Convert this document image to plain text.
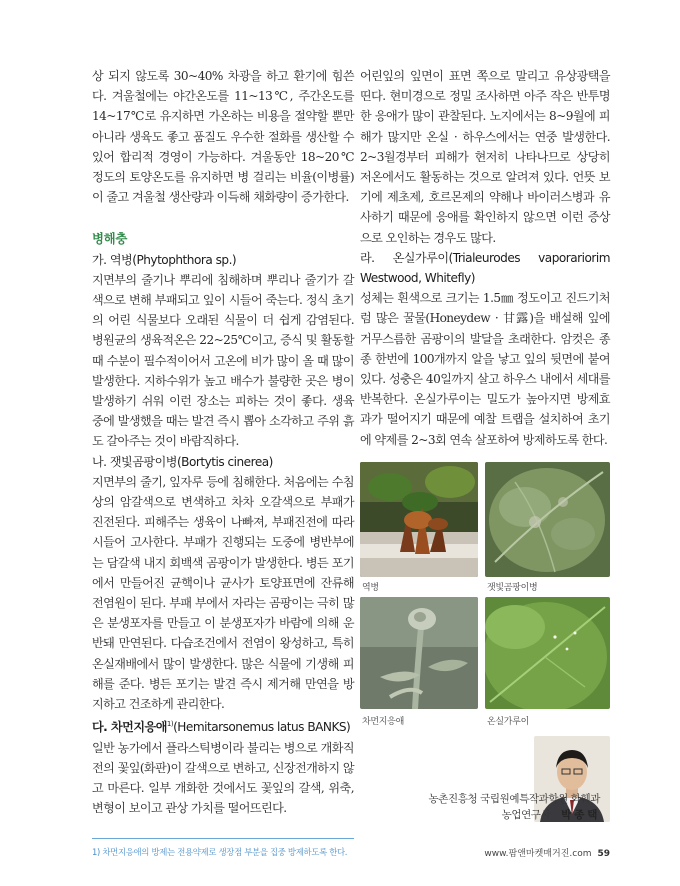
상 되지 않도록 30~40% 차광을 하고 환기에 힘쓴다. 겨울철에는 야간온도를 11~13℃, 주간온도를 14~17℃로 유지하면 가온하는 비용을 절약할 뿐만 아니라 생육도 좋고 품질도 우수한 절화를 생산할 수 있어 합리적 경영이 가능하다. 겨울동안 18~20℃ 정도의 토양온도를 유지하면 병 걸리는 비율(이병률)이 줄고 겨울철 생산량과 이득해 채화량이 증가한다.

병해충

가. 역병(Phytophthora sp.)

지면부의 줄기나 뿌리에 침해하며 뿌리나 줄기가 갈색으로 변해 부패되고 잎이 시들어 죽는다. 정식 초기의 어린 식물보다 오래된 식물이 더 쉽게 감염된다. 병원균의 생육적온은 22~25℃이고, 증식 및 활동할 때 수분이 필수적이어서 고온에 비가 많이 올 때 많이 발생한다. 지하수위가 높고 배수가 불량한 곳은 병이 발생하기 쉬워 이런 장소는 피하는 것이 좋다. 생육 중에 발생했을 때는 발견 즉시 뽑아 소각하고 주위 흙도 갈아주는 것이 바람직하다.

나. 잿빛곰팡이병(Bortytis cinerea)

지면부의 줄기, 잎자루 등에 침해한다. 처음에는 수침상의 암갈색으로 변색하고 차차 오갈색으로 부패가 진전된다. 피해주는 생육이 나빠져, 부패진전에 따라 시들어 고사한다. 부패가 진행되는 도중에 병반부에는 담갈색 내지 회백색 곰팡이가 발생한다. 병든 포기에서 만들어진 균핵이나 균사가 토양표면에 잔류해 전염원이 된다. 부패 부에서 자라는 곰팡이는 극히 많은 분생포자를 만들고 이 분생포자가 바람에 의해 운반돼 만연된다. 다습조건에서 전염이 왕성하고, 특히 온실재배에서 많이 발생한다. 많은 식물에 기생해 피해를 준다. 병든 포기는 발견 즉시 제거해 만연을 방지하고 건조하게 관리한다.

다. 차먼지응애$^{1)}$(Hemitarsonemus latus BANKS)

일반 농가에서 플라스틱병이라 불리는 병으로 개화직전의 꽃잎(화판)이 갈색으로 변하고, 신장전개하지 않고 마른다. 일부 개화한 것에서도 꽃잎의 갈색, 위축, 변형이 보이고 관상 가치를 떨어뜨린다.

어린잎의 잎면이 표면 쪽으로 말리고 유상광택을 띤다. 현미경으로 정밀 조사하면 아주 작은 반투명한 응애가 많이 관찰된다. 노지에서는 8~9월에 피해가 많지만 온실 · 하우스에서는 연중 발생한다. 2~3월경부터 피해가 현저히 나타나므로 상당히 저온에서도 활동하는 것으로 알려져 있다. 언뜻 보기에 제초제, 호르몬제의 약해나 바이러스병과 유사하기 때문에 응애를 확인하지 않으면 이런 증상으로 오인하는 경우도 많다.

라. 온실가루이(Trialeurodes vaporariorim Westwood, Whitefly)

성체는 흰색으로 크기는 1.5㎜ 정도이고 진드기처럼 많은 꿀물(Honeydew · 甘露)을 배설해 잎에 거무스름한 곰팡이의 발달을 초래한다. 암컷은 종종 한번에 100개까지 알을 낳고 잎의 뒷면에 붙여 있다. 성충은 40일까지 살고 하우스 내에서 세대를 반복한다. 온실가루이는 밀도가 높아지면 방제효과가 떨어지기 때문에 예찰 트랩을 설치하여 초기에 약제를 2~3회 연속 살포하여 방제하도록 한다.

역병	잿빛곰팡이병
차먼지응애	온실가루이
농촌진흥청 국립원예특작과학원 화훼과
농업연구사 박 종 택
1) 차먼지응애의 방제는 전용약제로 생장점 부분을 집중 방제하도록 한다.	www.팜앤마켓매거진.com 59
